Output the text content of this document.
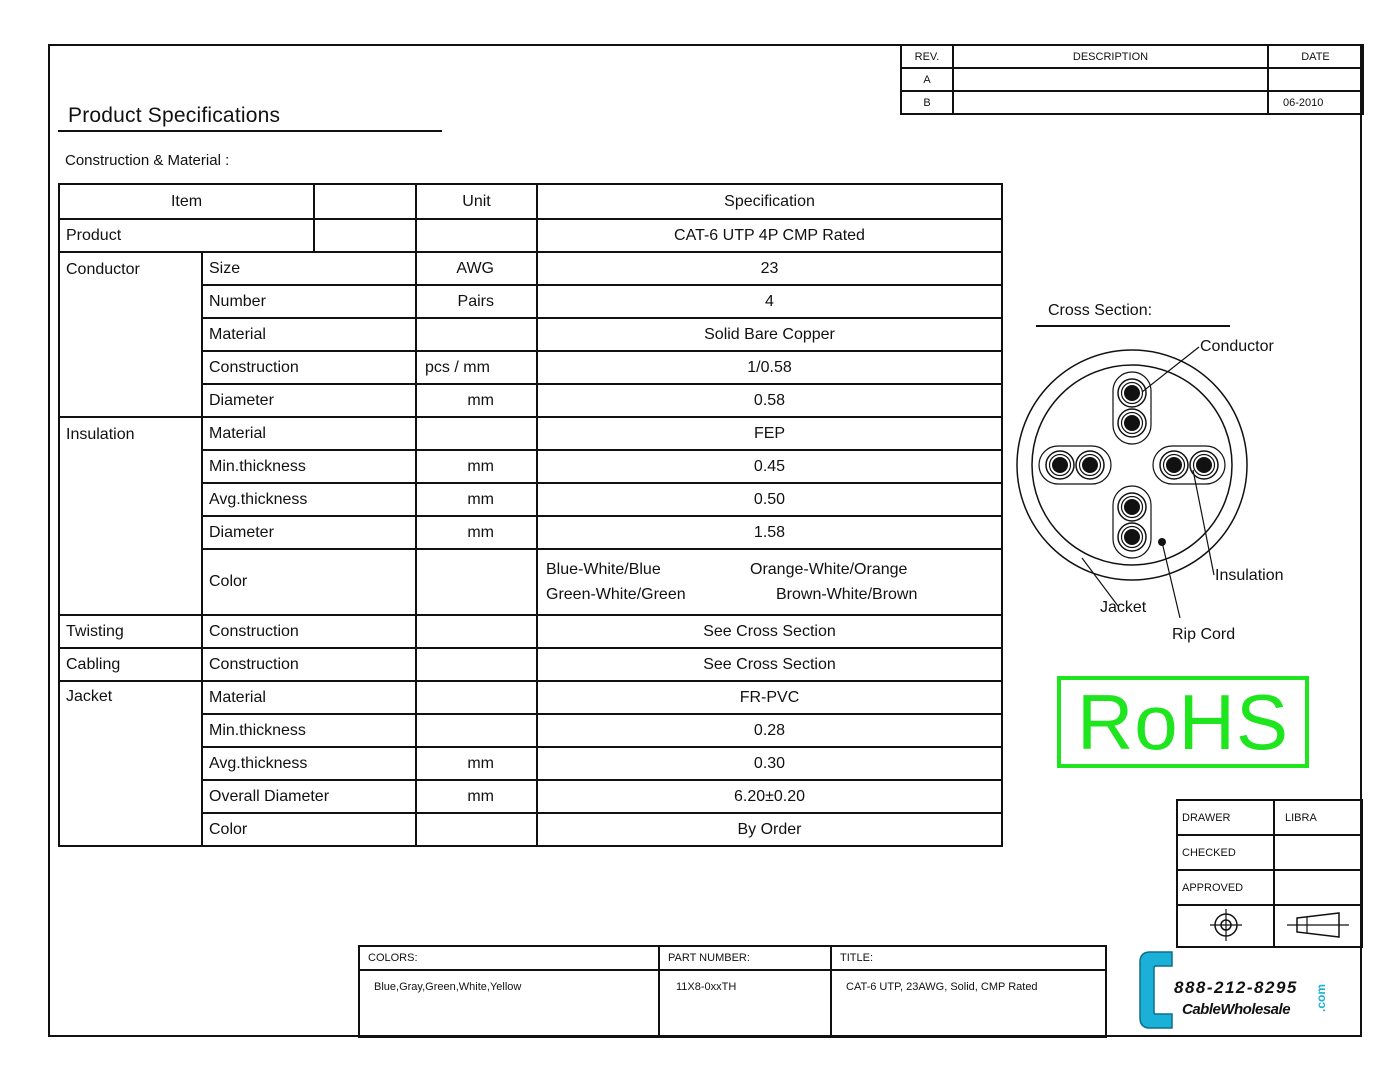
REV.	DESCRIPTION	DATE
A		
B		06-2010
Product Specifications
Construction & Material :
Item			Unit	Specification
Product				CAT-6 UTP 4P CMP Rated
Conductor	Size		AWG	23
	Number		Pairs	4
	Material			Solid Bare Copper
	Construction		pcs / mm	1/0.58
	Diameter		mm	0.58
Insulation	Material			FEP
	Min.thickness		mm	0.45
	Avg.thickness		mm	0.50
	Diameter		mm	1.58
	Color			Blue-White/Blue Orange-White/Orange
Green-White/Green Brown-White/Brown

Twisting	Construction			See Cross Section
Cabling	Construction			See Cross Section
Jacket	Material			FR-PVC
	Min.thickness			0.28
	Avg.thickness		mm	0.30
	Overall Diameter		mm	6.20±0.20
	Color			By Order
Cross Section:
Conductor
Insulation
Jacket
Rip Cord
RoHS
DRAWER	LIBRA
CHECKED	
APPROVED	

COLORS:	PART NUMBER:	TITLE:
Blue,Gray,Green,White,Yellow	11X8-0xxTH	CAT-6 UTP, 23AWG, Solid, CMP Rated	888-212-8295
CableWholesale .com
